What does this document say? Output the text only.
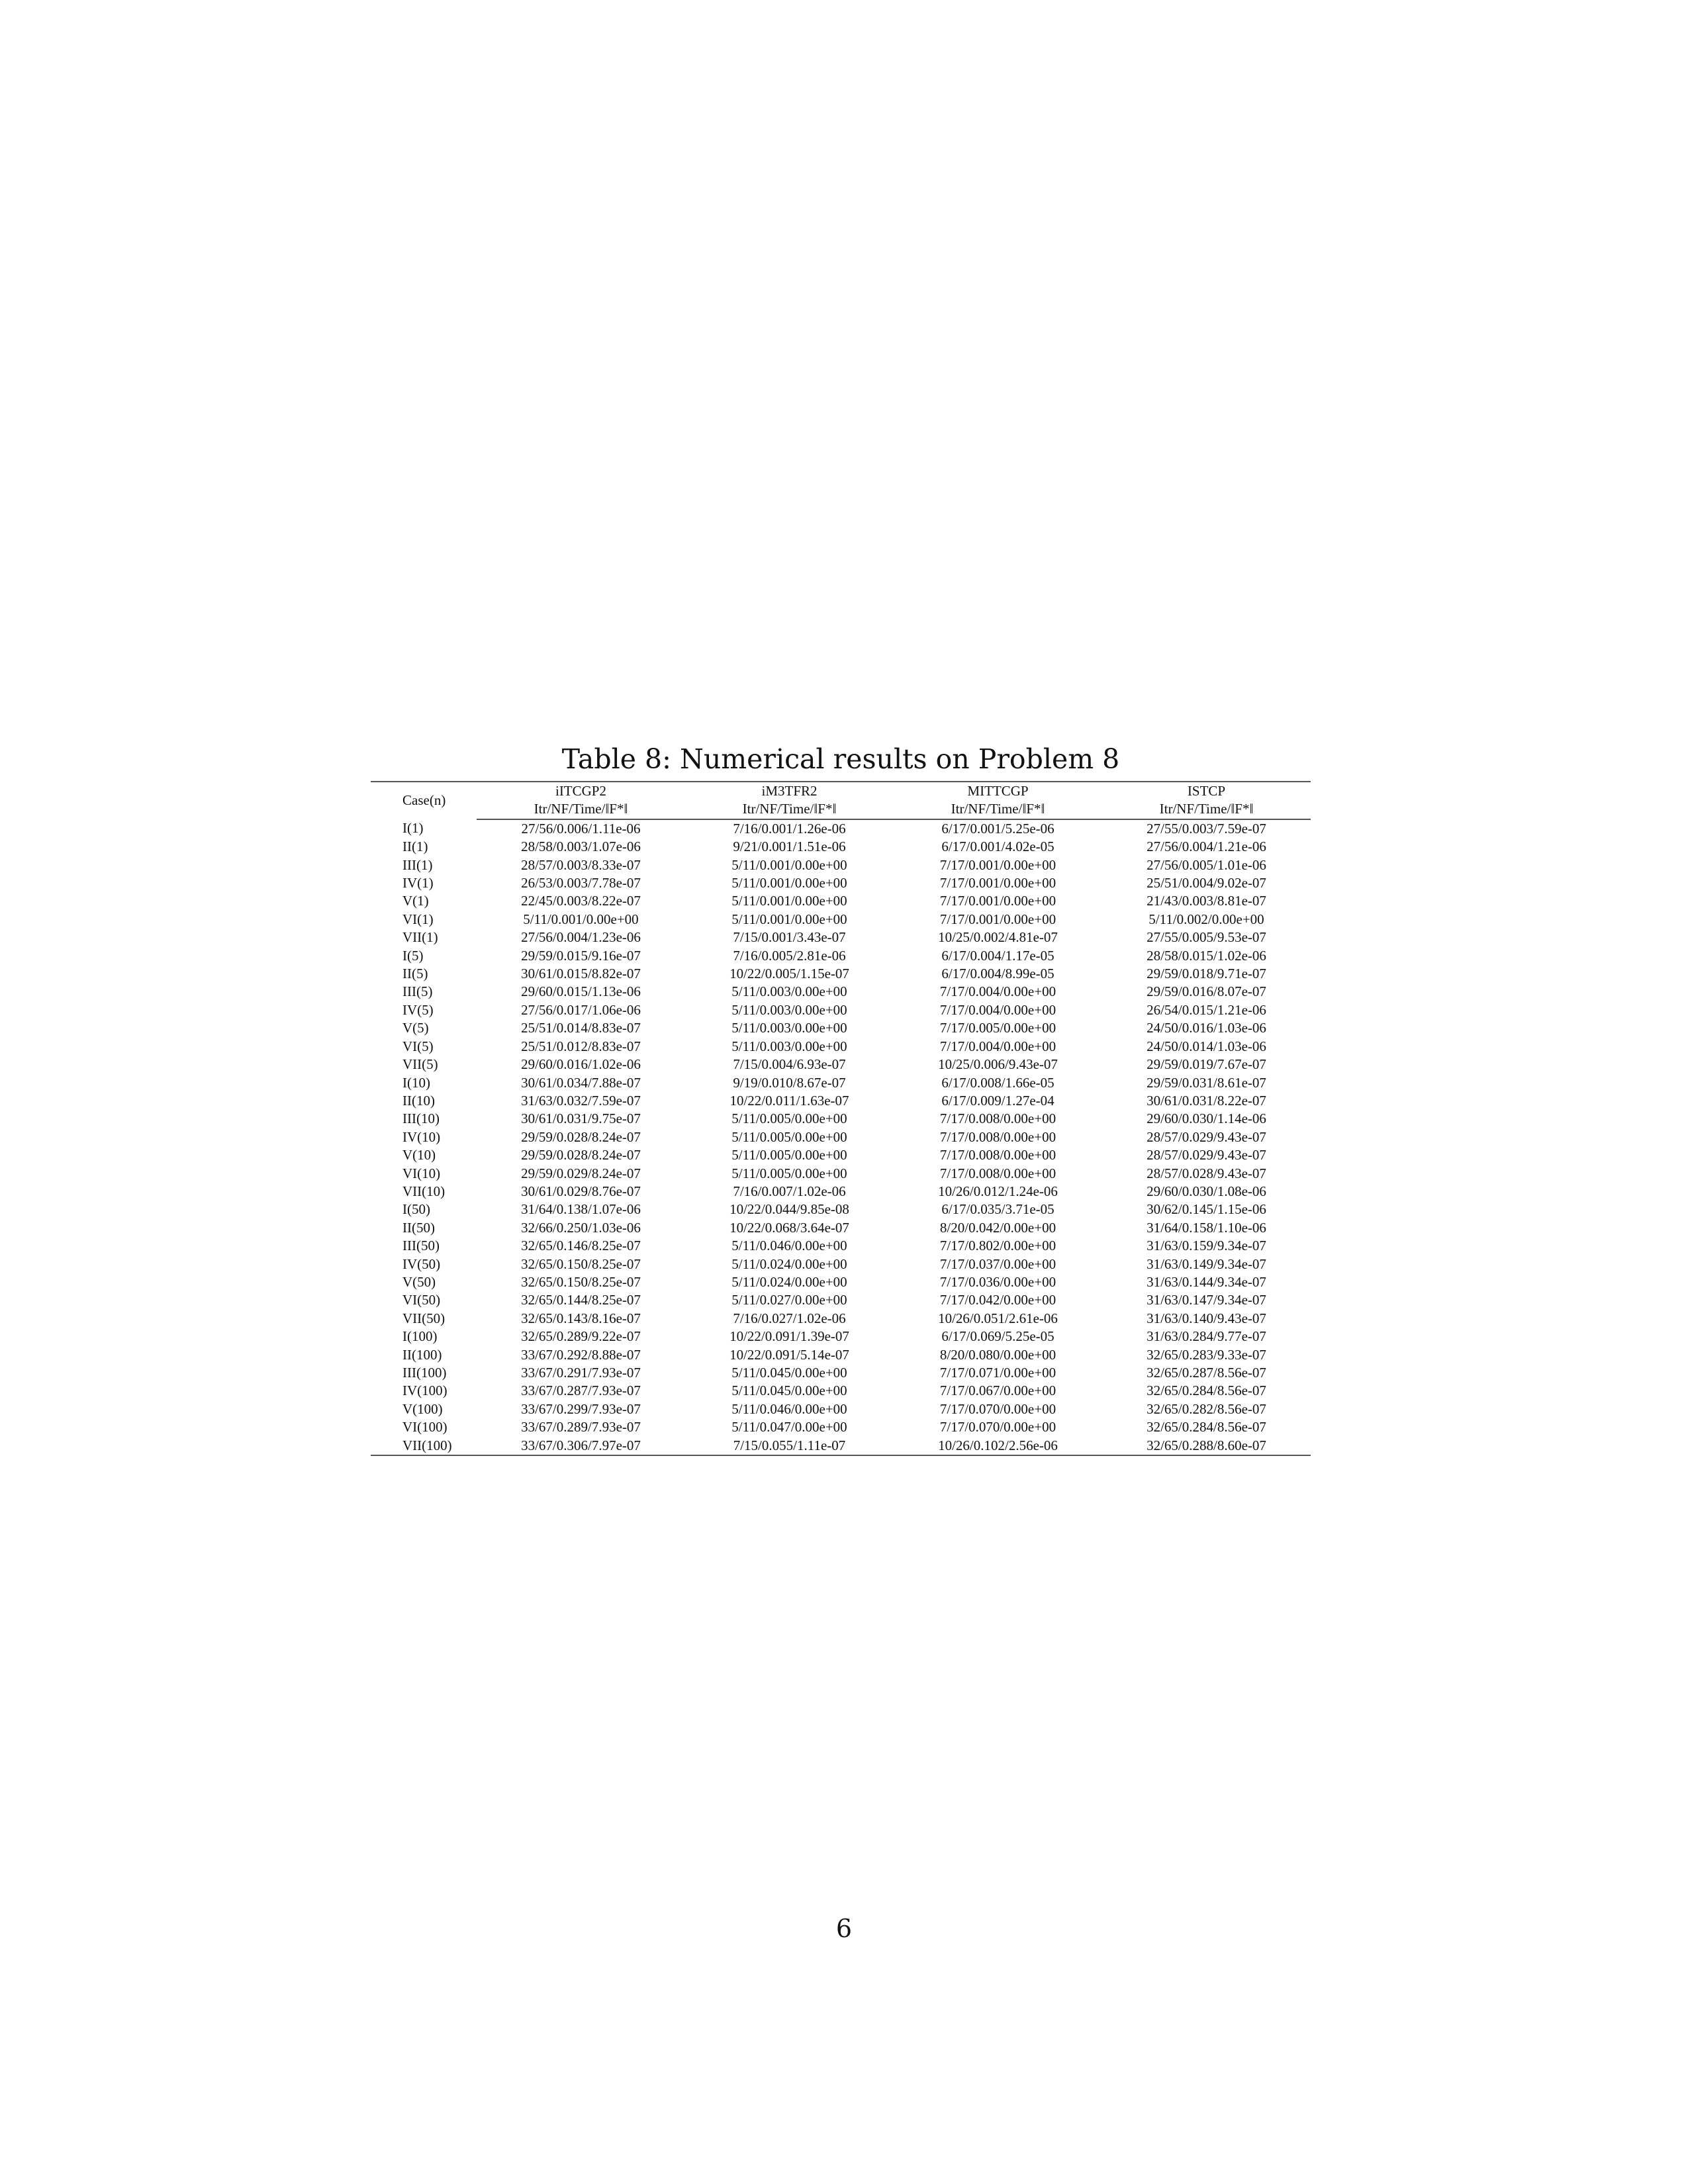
Table 8: Numerical results on Problem 8
Case(n)	iITCGP2	iM3TFR2	MITTCGP	ISTCP
	Itr/NF/Time/‖F*‖	Itr/NF/Time/‖F*‖	Itr/NF/Time/‖F*‖	Itr/NF/Time/‖F*‖
I(1)	27/56/0.006/1.11e-06	7/16/0.001/1.26e-06	6/17/0.001/5.25e-06	27/55/0.003/7.59e-07
II(1)	28/58/0.003/1.07e-06	9/21/0.001/1.51e-06	6/17/0.001/4.02e-05	27/56/0.004/1.21e-06
III(1)	28/57/0.003/8.33e-07	5/11/0.001/0.00e+00	7/17/0.001/0.00e+00	27/56/0.005/1.01e-06
IV(1)	26/53/0.003/7.78e-07	5/11/0.001/0.00e+00	7/17/0.001/0.00e+00	25/51/0.004/9.02e-07
V(1)	22/45/0.003/8.22e-07	5/11/0.001/0.00e+00	7/17/0.001/0.00e+00	21/43/0.003/8.81e-07
VI(1)	5/11/0.001/0.00e+00	5/11/0.001/0.00e+00	7/17/0.001/0.00e+00	5/11/0.002/0.00e+00
VII(1)	27/56/0.004/1.23e-06	7/15/0.001/3.43e-07	10/25/0.002/4.81e-07	27/55/0.005/9.53e-07
I(5)	29/59/0.015/9.16e-07	7/16/0.005/2.81e-06	6/17/0.004/1.17e-05	28/58/0.015/1.02e-06
II(5)	30/61/0.015/8.82e-07	10/22/0.005/1.15e-07	6/17/0.004/8.99e-05	29/59/0.018/9.71e-07
III(5)	29/60/0.015/1.13e-06	5/11/0.003/0.00e+00	7/17/0.004/0.00e+00	29/59/0.016/8.07e-07
IV(5)	27/56/0.017/1.06e-06	5/11/0.003/0.00e+00	7/17/0.004/0.00e+00	26/54/0.015/1.21e-06
V(5)	25/51/0.014/8.83e-07	5/11/0.003/0.00e+00	7/17/0.005/0.00e+00	24/50/0.016/1.03e-06
VI(5)	25/51/0.012/8.83e-07	5/11/0.003/0.00e+00	7/17/0.004/0.00e+00	24/50/0.014/1.03e-06
VII(5)	29/60/0.016/1.02e-06	7/15/0.004/6.93e-07	10/25/0.006/9.43e-07	29/59/0.019/7.67e-07
I(10)	30/61/0.034/7.88e-07	9/19/0.010/8.67e-07	6/17/0.008/1.66e-05	29/59/0.031/8.61e-07
II(10)	31/63/0.032/7.59e-07	10/22/0.011/1.63e-07	6/17/0.009/1.27e-04	30/61/0.031/8.22e-07
III(10)	30/61/0.031/9.75e-07	5/11/0.005/0.00e+00	7/17/0.008/0.00e+00	29/60/0.030/1.14e-06
IV(10)	29/59/0.028/8.24e-07	5/11/0.005/0.00e+00	7/17/0.008/0.00e+00	28/57/0.029/9.43e-07
V(10)	29/59/0.028/8.24e-07	5/11/0.005/0.00e+00	7/17/0.008/0.00e+00	28/57/0.029/9.43e-07
VI(10)	29/59/0.029/8.24e-07	5/11/0.005/0.00e+00	7/17/0.008/0.00e+00	28/57/0.028/9.43e-07
VII(10)	30/61/0.029/8.76e-07	7/16/0.007/1.02e-06	10/26/0.012/1.24e-06	29/60/0.030/1.08e-06
I(50)	31/64/0.138/1.07e-06	10/22/0.044/9.85e-08	6/17/0.035/3.71e-05	30/62/0.145/1.15e-06
II(50)	32/66/0.250/1.03e-06	10/22/0.068/3.64e-07	8/20/0.042/0.00e+00	31/64/0.158/1.10e-06
III(50)	32/65/0.146/8.25e-07	5/11/0.046/0.00e+00	7/17/0.802/0.00e+00	31/63/0.159/9.34e-07
IV(50)	32/65/0.150/8.25e-07	5/11/0.024/0.00e+00	7/17/0.037/0.00e+00	31/63/0.149/9.34e-07
V(50)	32/65/0.150/8.25e-07	5/11/0.024/0.00e+00	7/17/0.036/0.00e+00	31/63/0.144/9.34e-07
VI(50)	32/65/0.144/8.25e-07	5/11/0.027/0.00e+00	7/17/0.042/0.00e+00	31/63/0.147/9.34e-07
VII(50)	32/65/0.143/8.16e-07	7/16/0.027/1.02e-06	10/26/0.051/2.61e-06	31/63/0.140/9.43e-07
I(100)	32/65/0.289/9.22e-07	10/22/0.091/1.39e-07	6/17/0.069/5.25e-05	31/63/0.284/9.77e-07
II(100)	33/67/0.292/8.88e-07	10/22/0.091/5.14e-07	8/20/0.080/0.00e+00	32/65/0.283/9.33e-07
III(100)	33/67/0.291/7.93e-07	5/11/0.045/0.00e+00	7/17/0.071/0.00e+00	32/65/0.287/8.56e-07
IV(100)	33/67/0.287/7.93e-07	5/11/0.045/0.00e+00	7/17/0.067/0.00e+00	32/65/0.284/8.56e-07
V(100)	33/67/0.299/7.93e-07	5/11/0.046/0.00e+00	7/17/0.070/0.00e+00	32/65/0.282/8.56e-07
VI(100)	33/67/0.289/7.93e-07	5/11/0.047/0.00e+00	7/17/0.070/0.00e+00	32/65/0.284/8.56e-07
VII(100)	33/67/0.306/7.97e-07	7/15/0.055/1.11e-07	10/26/0.102/2.56e-06	32/65/0.288/8.60e-07
6
